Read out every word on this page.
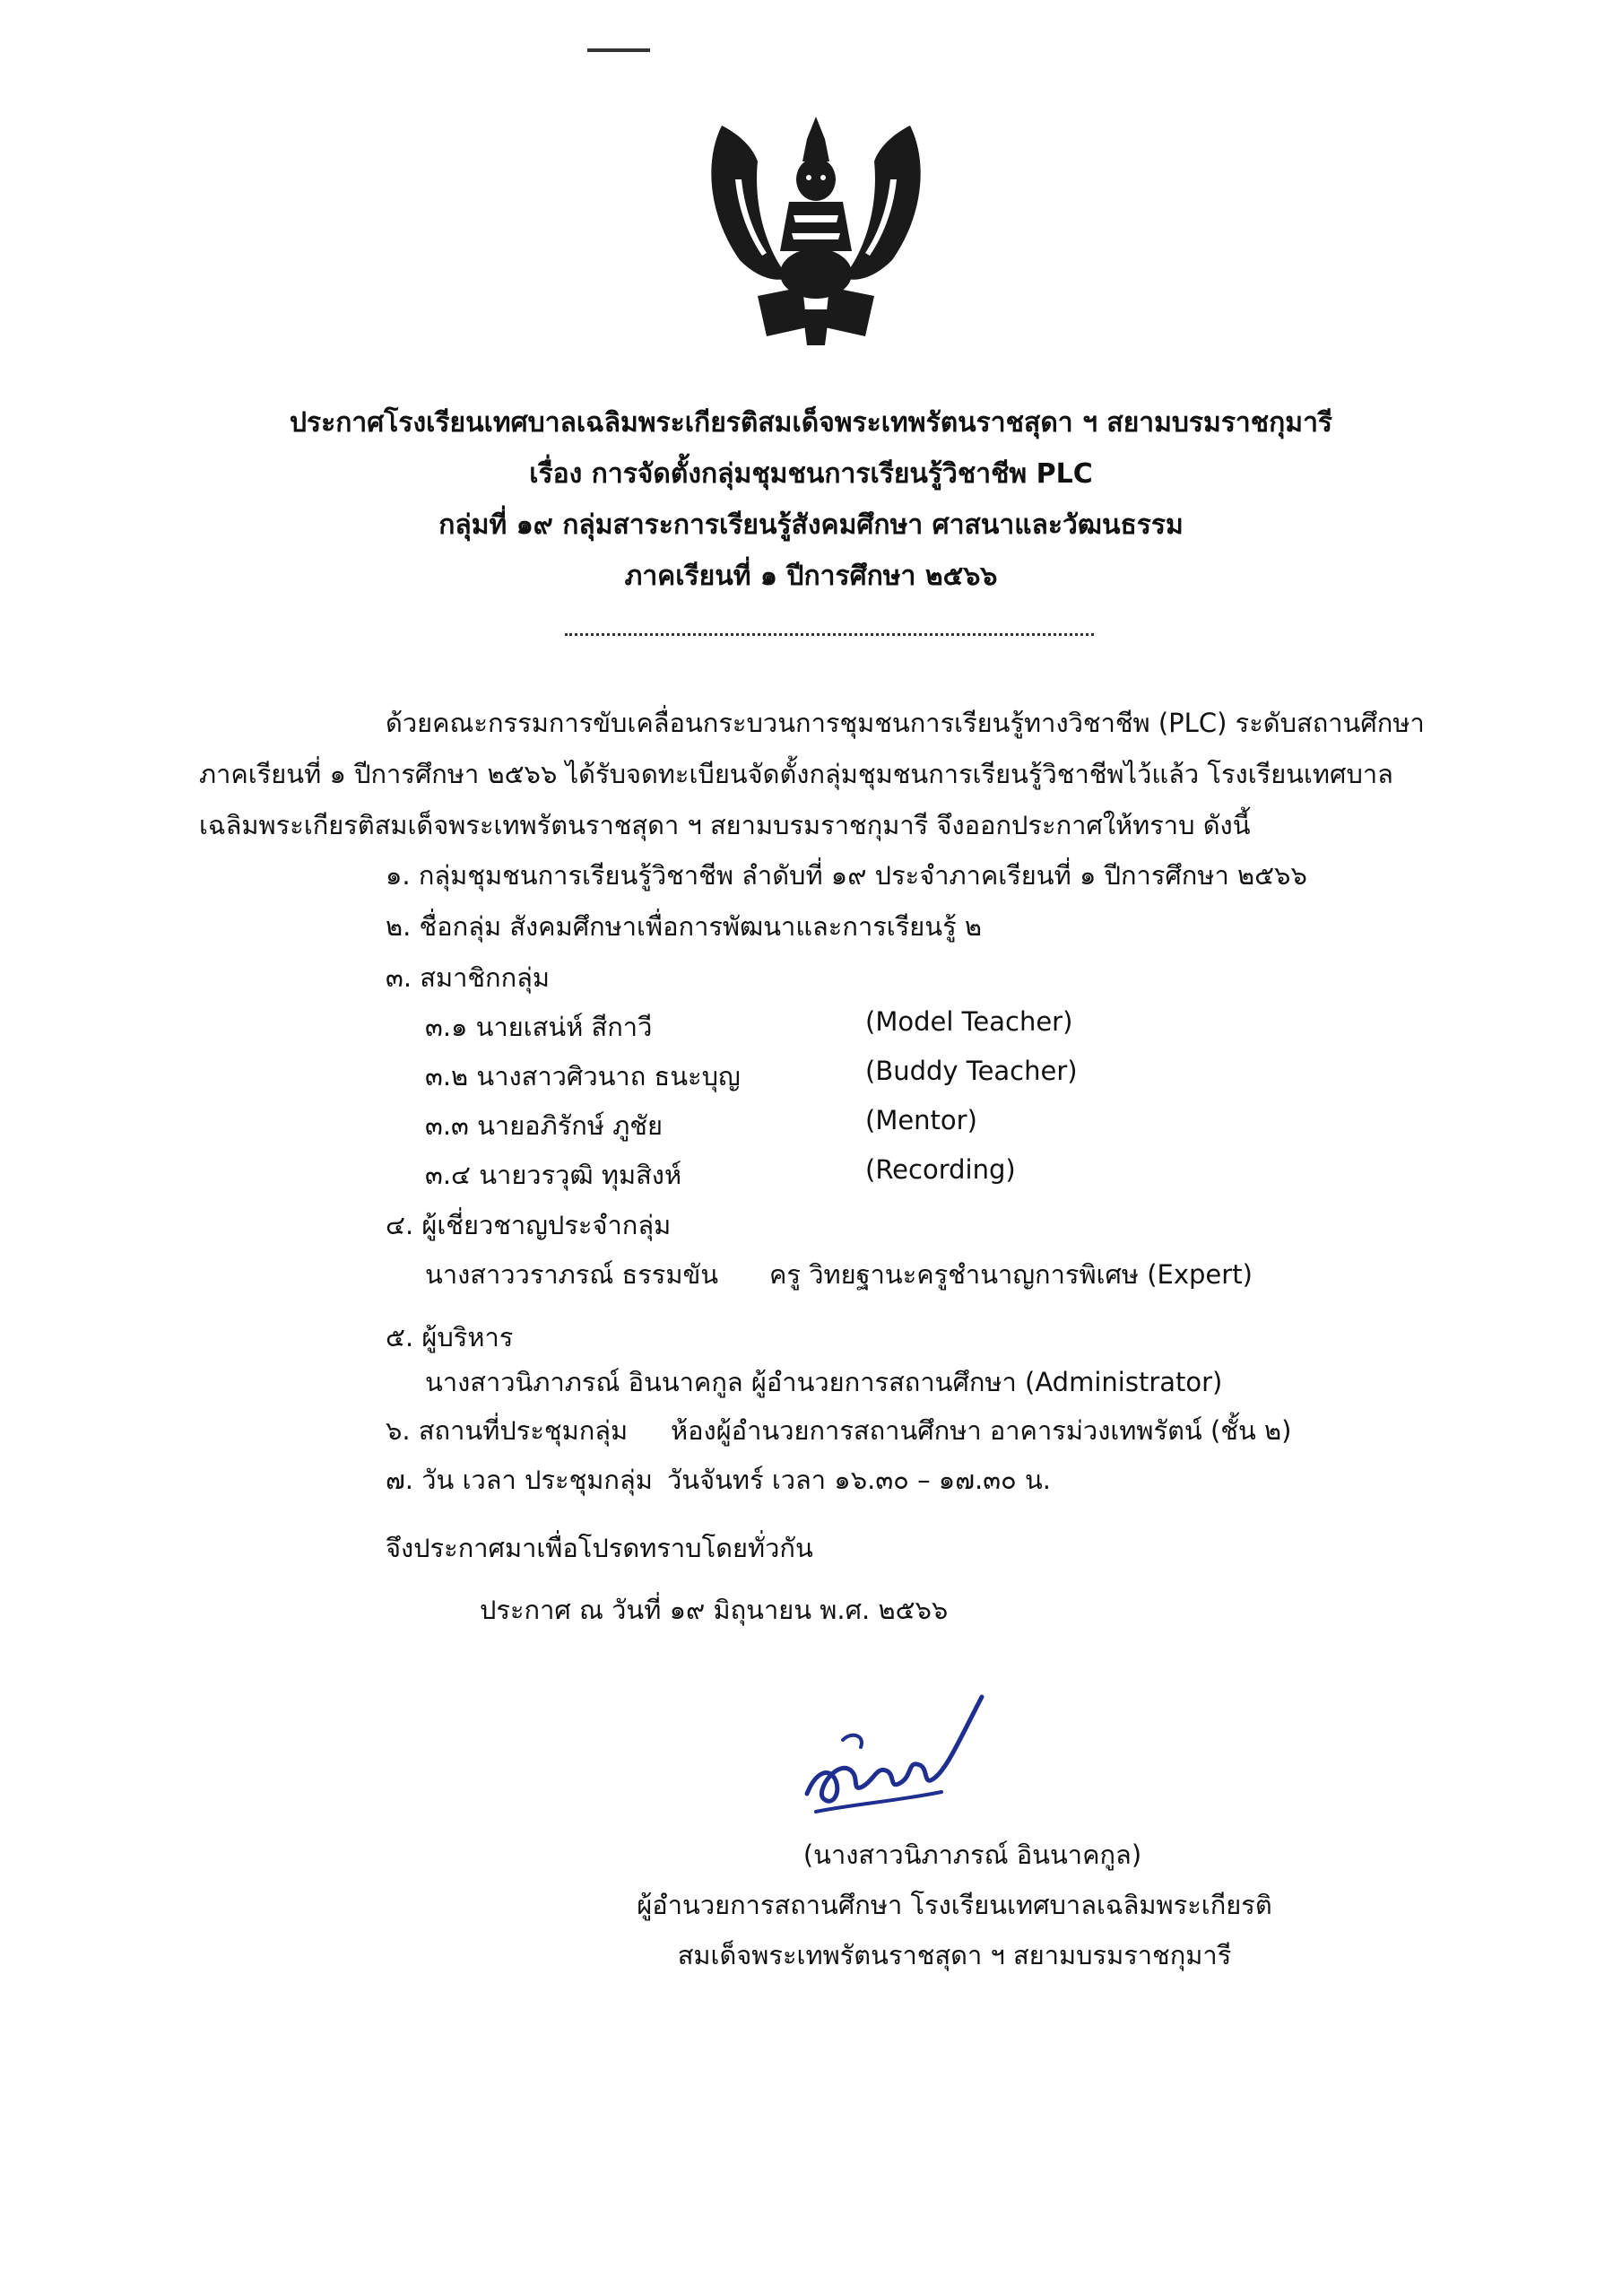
ประกาศโรงเรียนเทศบาลเฉลิมพระเกียรติสมเด็จพระเทพรัตนราชสุดา ฯ สยามบรมราชกุมารี
เรื่อง การจัดตั้งกลุ่มชุมชนการเรียนรู้วิชาชีพ PLC
กลุ่มที่ ๑๙ กลุ่มสาระการเรียนรู้สังคมศึกษา ศาสนาและวัฒนธรรม
ภาคเรียนที่ ๑ ปีการศึกษา ๒๕๖๖
ด้วยคณะกรรมการขับเคลื่อนกระบวนการชุมชนการเรียนรู้ทางวิชาชีพ (PLC) ระดับสถานศึกษา
ภาคเรียนที่ ๑ ปีการศึกษา ๒๕๖๖ ได้รับจดทะเบียนจัดตั้งกลุ่มชุมชนการเรียนรู้วิชาชีพไว้แล้ว โรงเรียนเทศบาล
เฉลิมพระเกียรติสมเด็จพระเทพรัตนราชสุดา ฯ สยามบรมราชกุมารี จึงออกประกาศให้ทราบ ดังนี้
๑. กลุ่มชุมชนการเรียนรู้วิชาชีพ ลำดับที่ ๑๙ ประจำภาคเรียนที่ ๑ ปีการศึกษา ๒๕๖๖
๒. ชื่อกลุ่ม สังคมศึกษาเพื่อการพัฒนาและการเรียนรู้ ๒
๓. สมาชิกกลุ่ม
๓.๑ นายเสน่ห์ สีกาวี	(Model Teacher)
๓.๒ นางสาวศิวนาถ ธนะบุญ	(Buddy Teacher)
๓.๓ นายอภิรักษ์ ภูชัย	(Mentor)
๓.๔ นายวรวุฒิ ทุมสิงห์	(Recording)
๔. ผู้เชี่ยวชาญประจำกลุ่ม
นางสาววราภรณ์ ธรรมขัน ครู วิทยฐานะครูชำนาญการพิเศษ (Expert)
๕. ผู้บริหาร
นางสาวนิภาภรณ์ อินนาคกูล ผู้อำนวยการสถานศึกษา (Administrator)
๖. สถานที่ประชุมกลุ่ม ห้องผู้อำนวยการสถานศึกษา อาคารม่วงเทพรัตน์ (ชั้น ๒)
๗. วัน เวลา ประชุมกลุ่ม วันจันทร์ เวลา ๑๖.๓๐ – ๑๗.๓๐ น.
จึงประกาศมาเพื่อโปรดทราบโดยทั่วกัน
ประกาศ ณ วันที่ ๑๙ มิถุนายน พ.ศ. ๒๕๖๖
(นางสาวนิภาภรณ์ อินนาคกูล)
ผู้อำนวยการสถานศึกษา โรงเรียนเทศบาลเฉลิมพระเกียรติ
สมเด็จพระเทพรัตนราชสุดา ฯ สยามบรมราชกุมารี
